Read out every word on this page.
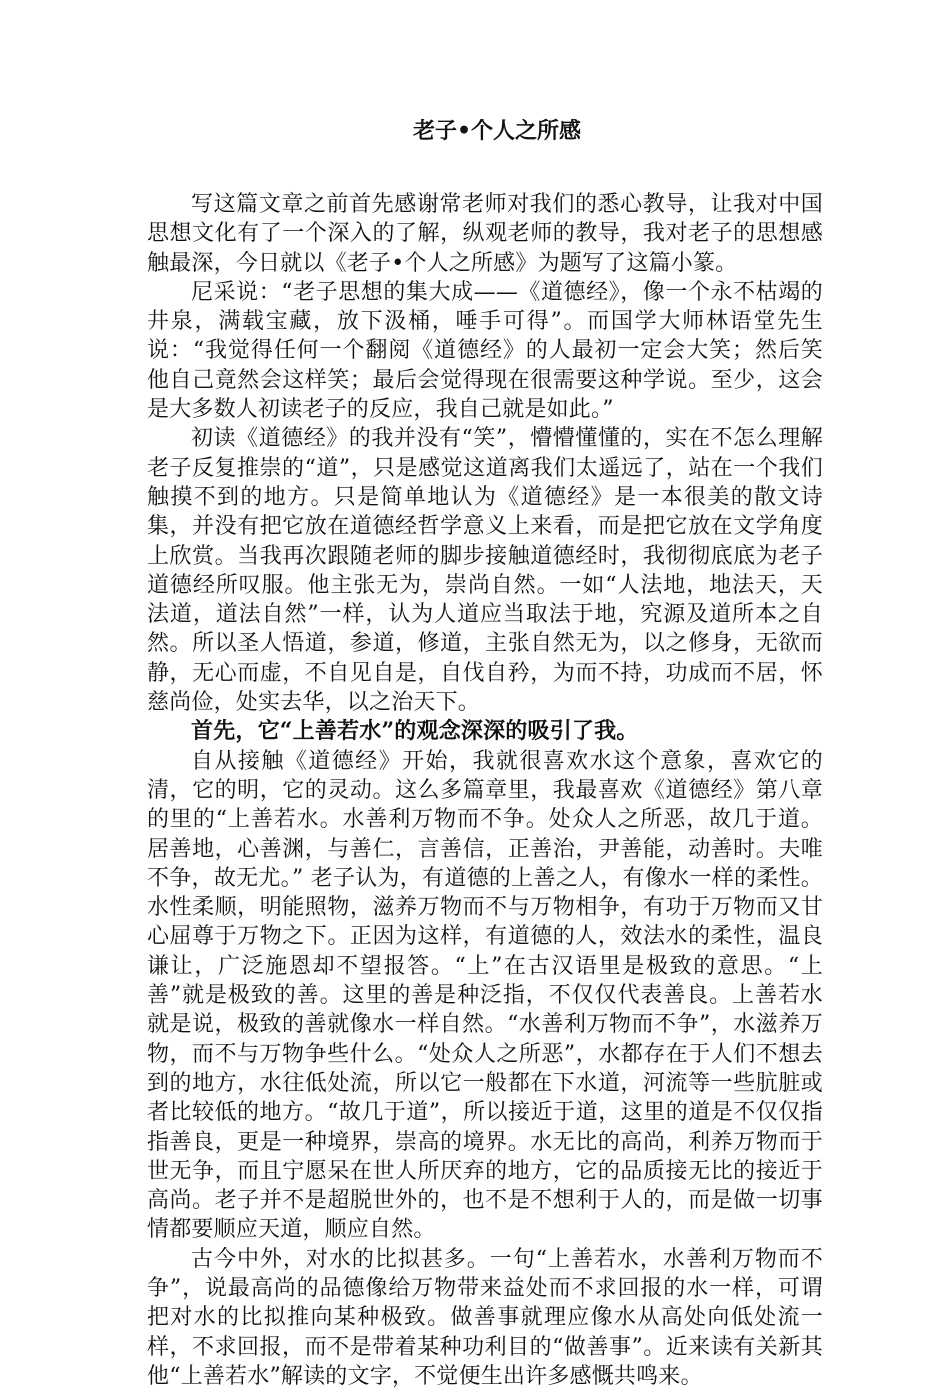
老子•个人之所感

写这篇文章之前首先感谢常老师对我们的悉心教导，让我对中国思想文化有了一个深入的了解，纵观老师的教导，我对老子的思想感触最深，今日就以《老子•个人之所感》为题写了这篇小篆。

尼采说：“老子思想的集大成——《道德经》，像一个永不枯竭的井泉，满载宝藏，放下汲桶，唾手可得”。而国学大师林语堂先生说：“我觉得任何一个翻阅《道德经》的人最初一定会大笑；然后笑他自己竟然会这样笑；最后会觉得现在很需要这种学说。至少，这会是大多数人初读老子的反应，我自己就是如此。”

初读《道德经》的我并没有“笑”，懵懵懂懂的，实在不怎么理解老子反复推崇的“道”，只是感觉这道离我们太遥远了，站在一个我们触摸不到的地方。只是简单地认为《道德经》是一本很美的散文诗集，并没有把它放在道德经哲学意义上来看，而是把它放在文学角度上欣赏。当我再次跟随老师的脚步接触道德经时，我彻彻底底为老子道德经所叹服。他主张无为，崇尚自然。一如“人法地，地法天，天法道，道法自然”一样，认为人道应当取法于地，究源及道所本之自然。所以圣人悟道，参道，修道，主张自然无为，以之修身，无欲而静，无心而虚，不自见自是，自伐自矜，为而不持，功成而不居，怀慈尚俭，处实去华，以之治天下。

首先，它“上善若水”的观念深深的吸引了我。

自从接触《道德经》开始，我就很喜欢水这个意象，喜欢它的清，它的明，它的灵动。这么多篇章里，我最喜欢《道德经》第八章的里的“上善若水。水善利万物而不争。处众人之所恶，故几于道。居善地，心善渊，与善仁，言善信，正善治，尹善能，动善时。夫唯不争，故无尤。” 老子认为，有道德的上善之人，有像水一样的柔性。水性柔顺，明能照物，滋养万物而不与万物相争，有功于万物而又甘心屈尊于万物之下。正因为这样，有道德的人，效法水的柔性，温良谦让，广泛施恩却不望报答。“上”在古汉语里是极致的意思。“上善”就是极致的善。这里的善是种泛指，不仅仅代表善良。上善若水就是说，极致的善就像水一样自然。“水善利万物而不争”，水滋养万物，而不与万物争些什么。“处众人之所恶”，水都存在于人们不想去到的地方，水往低处流，所以它一般都在下水道，河流等一些肮脏或者比较低的地方。“故几于道”，所以接近于道，这里的道是不仅仅指指善良，更是一种境界，崇高的境界。水无比的高尚，利养万物而于世无争，而且宁愿呆在世人所厌弃的地方，它的品质接无比的接近于高尚。老子并不是超脱世外的，也不是不想利于人的，而是做一切事情都要顺应天道，顺应自然。

古今中外，对水的比拟甚多。一句“上善若水，水善利万物而不争”，说最高尚的品德像给万物带来益处而不求回报的水一样，可谓把对水的比拟推向某种极致。做善事就理应像水从高处向低处流一样，不求回报，而不是带着某种功利目的“做善事”。近来读有关新其他“上善若水”解读的文字，不觉便生出许多感慨共鸣来。
